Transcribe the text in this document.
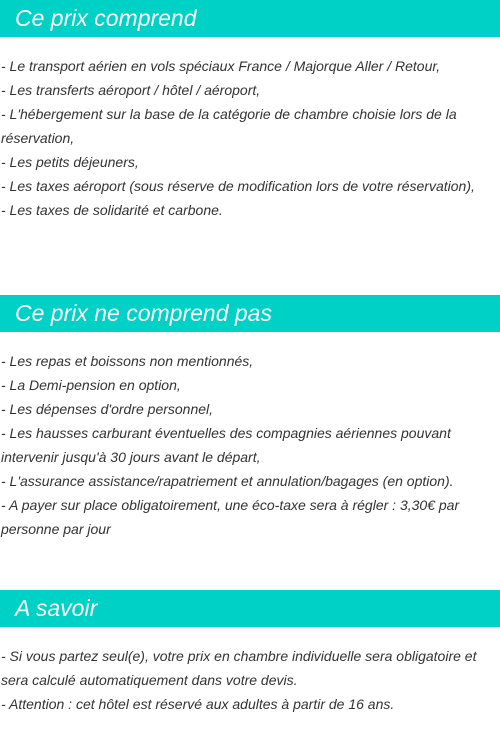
Ce prix comprend
- Le transport aérien en vols spéciaux France / Majorque Aller / Retour,
- Les transferts aéroport / hôtel / aéroport,
- L'hébergement sur la base de la catégorie de chambre choisie lors de la réservation,
- Les petits déjeuners,
- Les taxes aéroport (sous réserve de modification lors de votre réservation),
- Les taxes de solidarité et carbone.
Ce prix ne comprend pas
- Les repas et boissons non mentionnés,
- La Demi-pension en option,
- Les dépenses d'ordre personnel,
- Les hausses carburant éventuelles des compagnies aériennes pouvant intervenir jusqu'à 30 jours avant le départ,
- L'assurance assistance/rapatriement et annulation/bagages (en option).
- A payer sur place obligatoirement, une éco-taxe sera à régler : 3,30€ par personne par jour
A savoir
- Si vous partez seul(e), votre prix en chambre individuelle sera obligatoire et sera calculé automatiquement dans votre devis.
- Attention : cet hôtel est réservé aux adultes à partir de 16 ans.
